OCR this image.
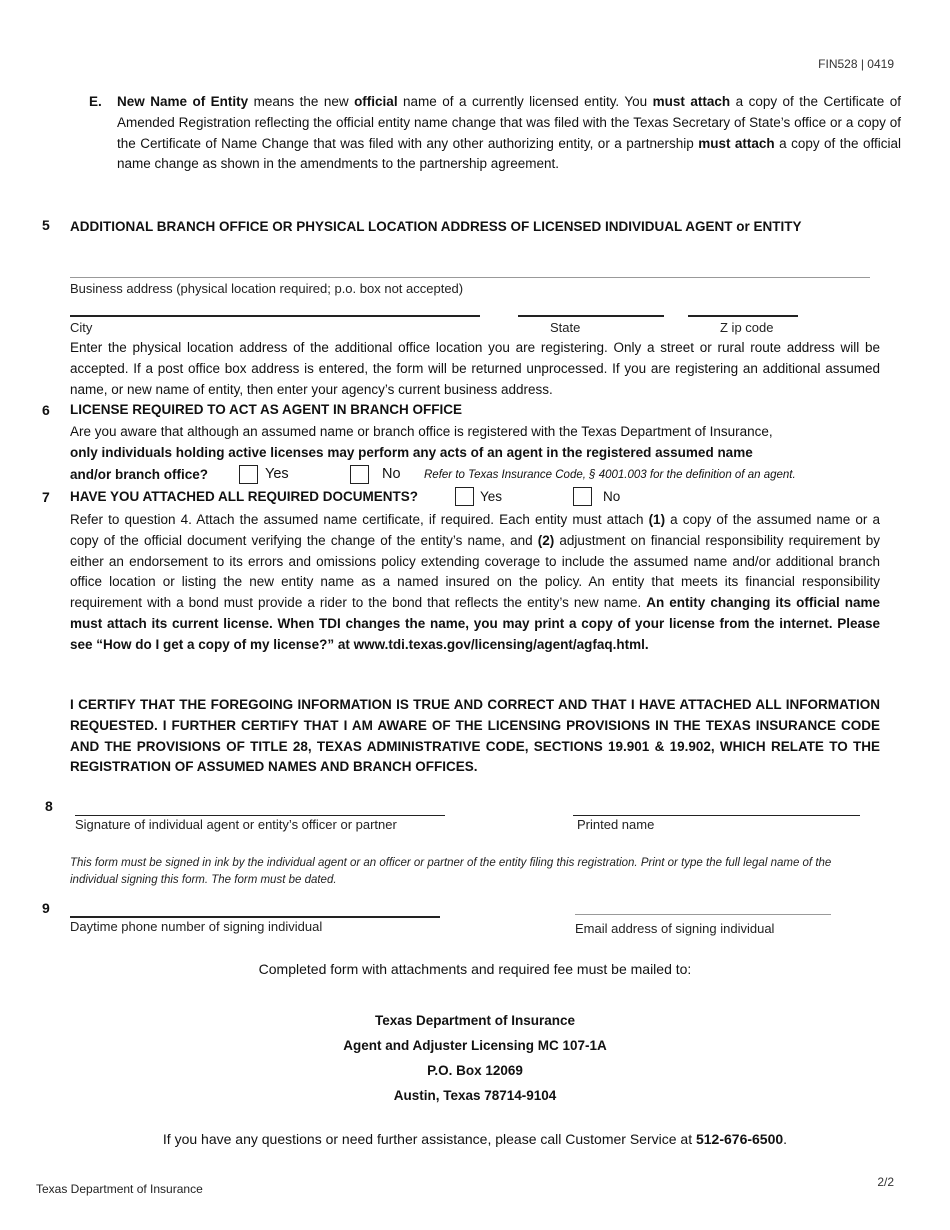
FIN528 | 0419
E. New Name of Entity means the new official name of a currently licensed entity. You must attach a copy of the Certificate of Amended Registration reflecting the official entity name change that was filed with the Texas Secretary of State’s office or a copy of the Certificate of Name Change that was filed with any other authorizing entity, or a partnership must attach a copy of the official name change as shown in the amendments to the partnership agreement.
5 ADDITIONAL BRANCH OFFICE OR PHYSICAL LOCATION ADDRESS OF LICENSED INDIVIDUAL AGENT or ENTITY
Business address (physical location required; p.o. box not accepted)
City	State	Z ip code
Enter the physical location address of the additional office location you are registering. Only a street or rural route address will be accepted. If a post office box address is entered, the form will be returned unprocessed. If you are registering an additional assumed name, or new name of entity, then enter your agency’s current business address.
6 LICENSE REQUIRED TO ACT AS AGENT IN BRANCH OFFICE
Are you aware that although an assumed name or branch office is registered with the Texas Department of Insurance,
only individuals holding active licenses may perform any acts of an agent in the registered assumed name
and/or branch office?	Yes	No Refer to Texas Insurance Code, § 4001.003 for the definition of an agent.
7 HAVE YOU ATTACHED ALL REQUIRED DOCUMENTS?	Yes	No
Refer to question 4. Attach the assumed name certificate, if required. Each entity must attach (1) a copy of the assumed name or a copy of the official document verifying the change of the entity’s name, and (2) adjustment on financial responsibility requirement by either an endorsement to its errors and omissions policy extending coverage to include the assumed name and/or additional branch office location or listing the new entity name as a named insured on the policy. An entity that meets its financial responsibility requirement with a bond must provide a rider to the bond that reflects the entity’s new name. An entity changing its official name must attach its current license. When TDI changes the name, you may print a copy of your license from the internet. Please see “How do I get a copy of my license?” at www.tdi.texas.gov/licensing/agent/agfaq.html.
I CERTIFY THAT THE FOREGOING INFORMATION IS TRUE AND CORRECT AND THAT I HAVE ATTACHED ALL INFORMATION REQUESTED. I FURTHER CERTIFY THAT I AM AWARE OF THE LICENSING PROVISIONS IN THE TEXAS INSURANCE CODE AND THE PROVISIONS OF TITLE 28, TEXAS ADMINISTRATIVE CODE, SECTIONS 19.901 & 19.902, WHICH RELATE TO THE REGISTRATION OF ASSUMED NAMES AND BRANCH OFFICES.
8
Signature of individual agent or entity’s officer or partner	Printed name
This form must be signed in ink by the individual agent or an officer or partner of the entity filing this registration. Print or type the full legal name of the individual signing this form. The form must be dated.
9
Daytime phone number of signing individual	Email address of signing individual
Completed form with attachments and required fee must be mailed to:
Texas Department of Insurance
Agent and Adjuster Licensing MC 107-1A
P.O. Box 12069
Austin, Texas 78714-9104
If you have any questions or need further assistance, please call Customer Service at 512-676-6500.
Texas Department of Insurance	2/2
